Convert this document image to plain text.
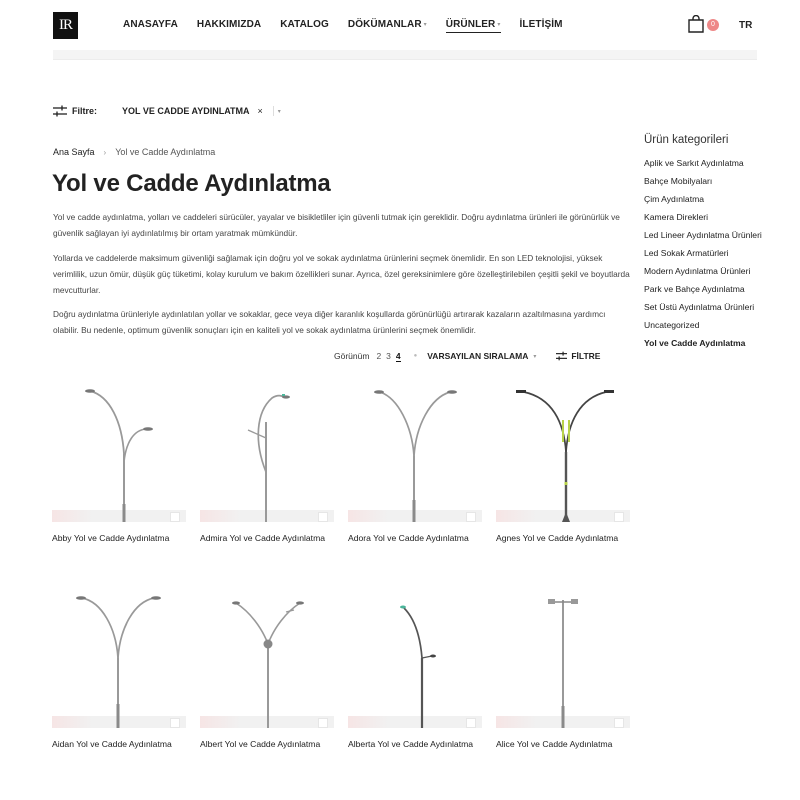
IR	ANASAYFA HAKKIMIZDA KATALOG DÖKÜMANLAR ▾ ÜRÜNLER ▾ İLETİŞİM	0	TR
Filtre:	YOL VE CADDE AYDINLATMA ×	▾
Ana Sayfa › Yol ve Cadde Aydınlatma
Yol ve Cadde Aydınlatma

Yol ve cadde aydınlatma, yolları ve caddeleri sürücüler, yayalar ve bisikletliler için güvenli tutmak için gereklidir. Doğru aydınlatma ürünleri ile görünürlük ve güvenlik sağlayan iyi aydınlatılmış bir ortam yaratmak mümkündür.

Yollarda ve caddelerde maksimum güvenliği sağlamak için doğru yol ve sokak aydınlatma ürünlerini seçmek önemlidir. En son LED teknolojisi, yüksek verimlilik, uzun ömür, düşük güç tüketimi, kolay kurulum ve bakım özellikleri sunar. Ayrıca, özel gereksinimlere göre özelleştirilebilen çeşitli şekil ve boyutlarda mevcutturlar.

Doğru aydınlatma ürünleriyle aydınlatılan yollar ve sokaklar, gece veya diğer karanlık koşullarda görünürlüğü artırarak kazaların azaltılmasına yardımcı olabilir. Bu nedenle, optimum güvenlik sonuçları için en kaliteli yol ve sokak aydınlatma ürünlerini seçmek önemlidir.

Görünüm 2 3 4 ● VARSAYILAN SIRALAMA ▾	FİLTRE
Abby Yol ve Cadde Aydınlatma	Admira Yol ve Cadde Aydınlatma	Adora Yol ve Cadde Aydınlatma	Agnes Yol ve Cadde Aydınlatma
Aidan Yol ve Cadde Aydınlatma	Albert Yol ve Cadde Aydınlatma	Alberta Yol ve Cadde Aydınlatma	Alice Yol ve Cadde Aydınlatma
Ürün kategorileri
Aplik ve Sarkıt Aydınlatma
Bahçe Mobilyaları
Çim Aydınlatma
Kamera Direkleri
Led Lineer Aydınlatma Ürünleri
Led Sokak Armatürleri
Modern Aydınlatma Ürünleri
Park ve Bahçe Aydınlatma
Set Üstü Aydınlatma Ürünleri
Uncategorized
Yol ve Cadde Aydınlatma
